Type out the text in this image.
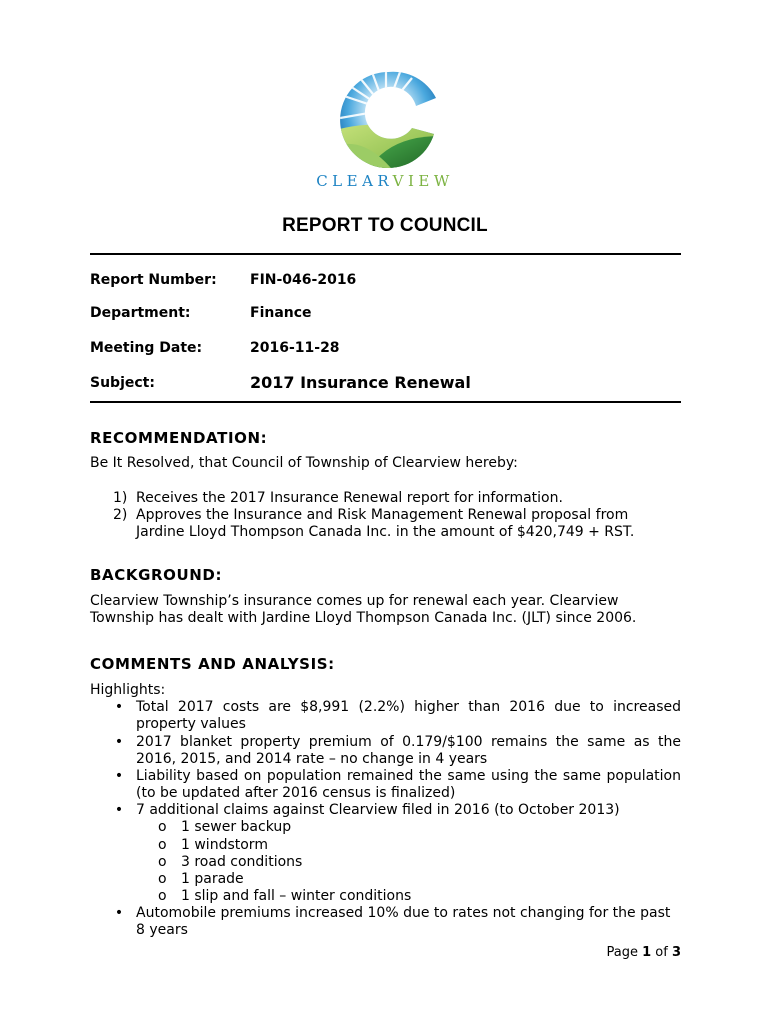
CLEARVIEW
REPORT TO COUNCIL
Report Number: FIN-046-2016
Department:	Finance
Meeting Date:	2016-11-28
Subject:	2017 Insurance Renewal
RECOMMENDATION:
Be It Resolved, that Council of Township of Clearview hereby:
1) Receives the 2017 Insurance Renewal report for information.
2) Approves the Insurance and Risk Management Renewal proposal from Jardine Lloyd Thompson Canada Inc. in the amount of $420,749 + RST.
BACKGROUND:
Clearview Township’s insurance comes up for renewal each year. Clearview Township has dealt with Jardine Lloyd Thompson Canada Inc. (JLT) since 2006.
COMMENTS AND ANALYSIS:
Highlights:
• Total 2017 costs are $8,991 (2.2%) higher than 2016 due to increased property values
• 2017 blanket property premium of 0.179/$100 remains the same as the 2016, 2015, and 2014 rate – no change in 4 years
• Liability based on population remained the same using the same population (to be updated after 2016 census is finalized)
• 7 additional claims against Clearview filed in 2016 (to October 2013)
o 1 sewer backup
o 1 windstorm
o 3 road conditions
o 1 parade
o 1 slip and fall – winter conditions
• Automobile premiums increased 10% due to rates not changing for the past 8 years
Page 1 of 3
